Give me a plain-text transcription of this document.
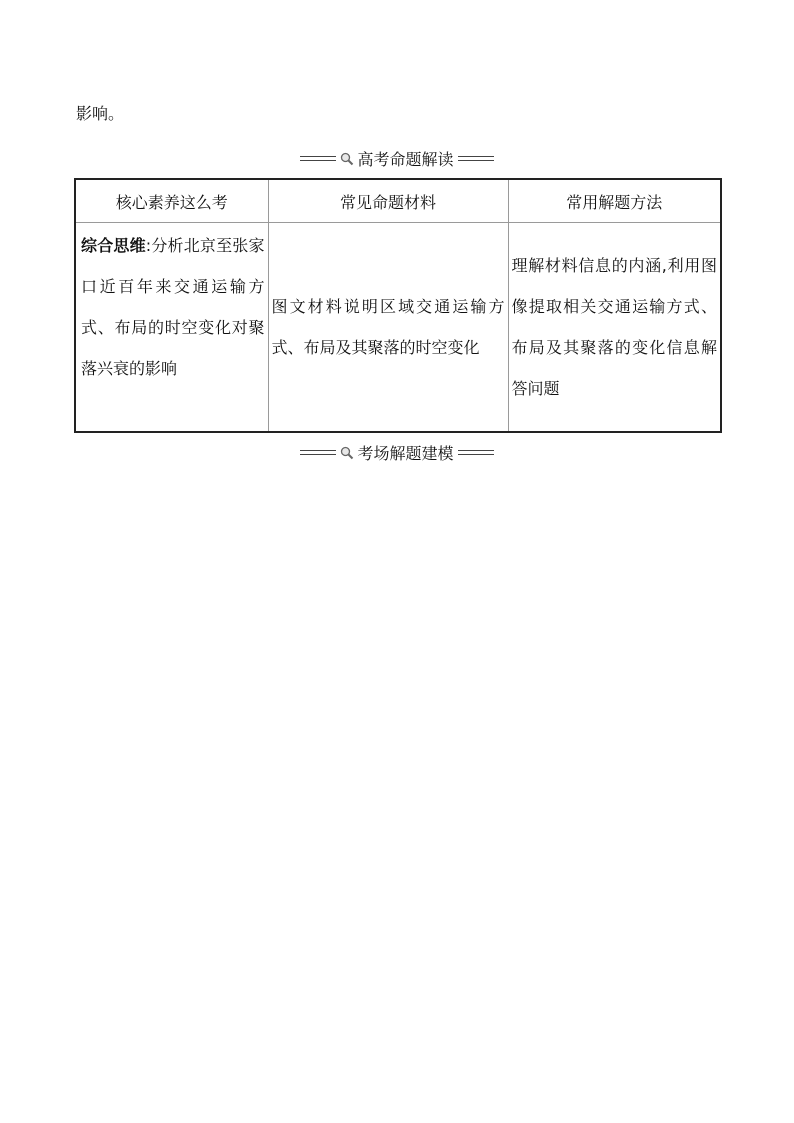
影响。

高考命题解读
核心素养这么考	常见命题材料	常用解题方法
综合思维:分析北京至张家口近百年来交通运输方式、布局的时空变化对聚落兴衰的影响	图文材料说明区域交通运输方式、布局及其聚落的时空变化	理解材料信息的内涵,利用图像提取相关交通运输方式、布局及其聚落的变化信息解答问题
考场解题建模
